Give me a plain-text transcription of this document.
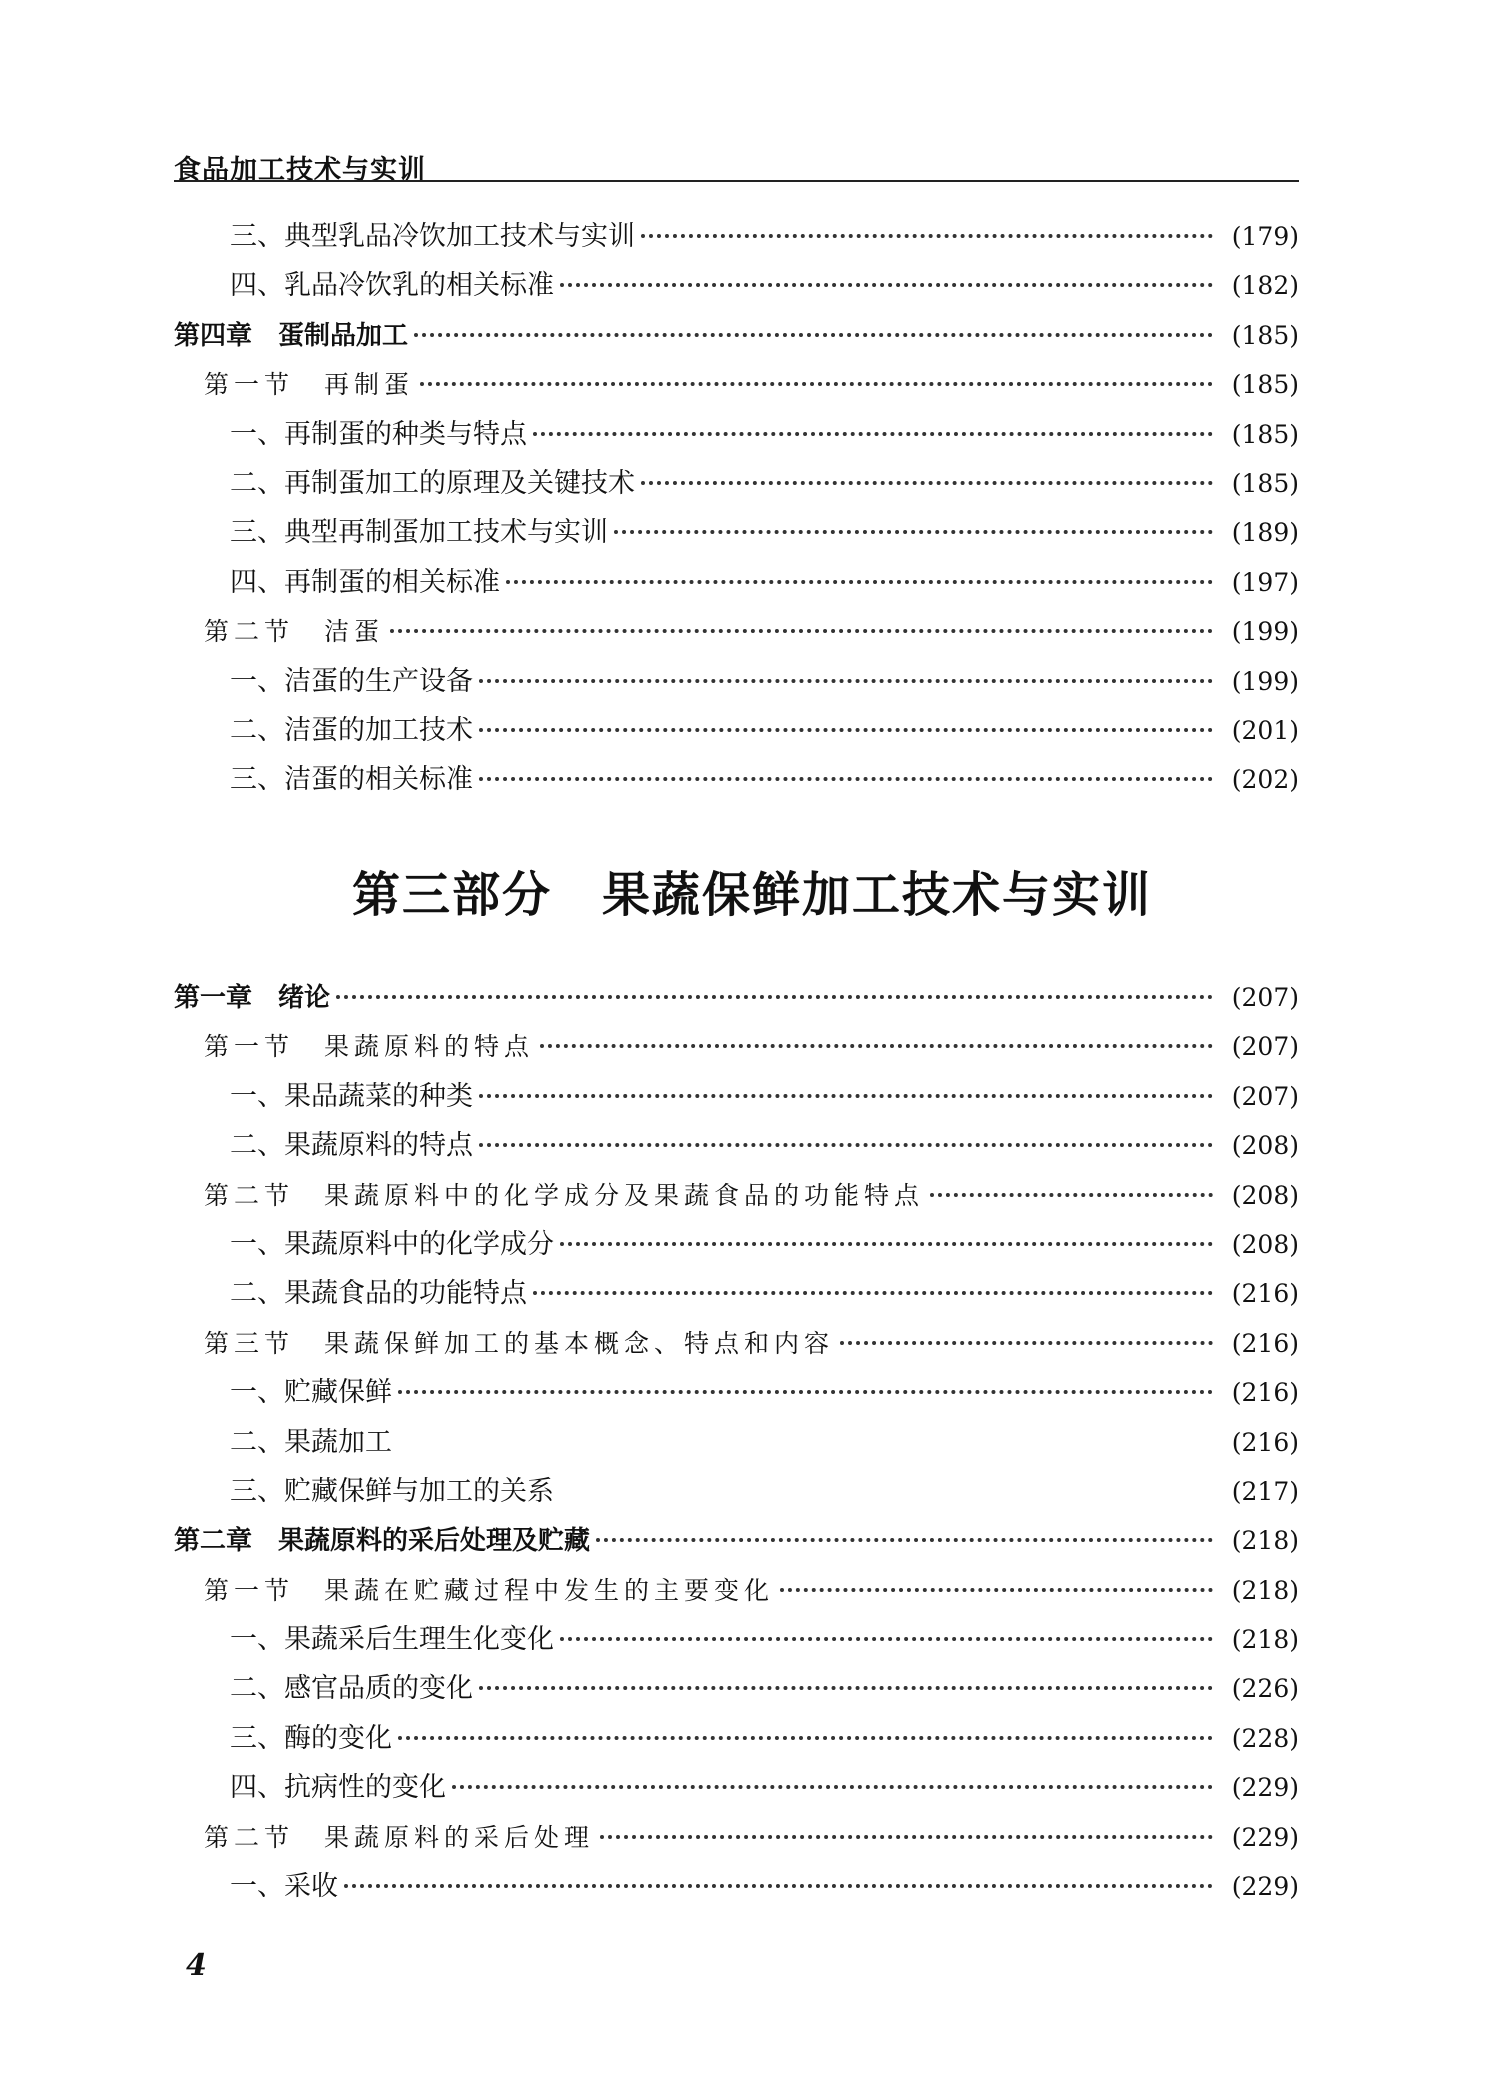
食品加工技术与实训
三、典型乳品冷饮加工技术与实训	(179)
四、乳品冷饮乳的相关标准	(182)
第四章　蛋制品加工	(185)
第一节　再制蛋	(185)
一、再制蛋的种类与特点	(185)
二、再制蛋加工的原理及关键技术	(185)
三、典型再制蛋加工技术与实训	(189)
四、再制蛋的相关标准	(197)
第二节　洁蛋	(199)
一、洁蛋的生产设备	(199)
二、洁蛋的加工技术	(201)
三、洁蛋的相关标准	(202)
第三部分　果蔬保鲜加工技术与实训
第一章　绪论	(207)
第一节　果蔬原料的特点	(207)
一、果品蔬菜的种类	(207)
二、果蔬原料的特点	(208)
第二节　果蔬原料中的化学成分及果蔬食品的功能特点	(208)
一、果蔬原料中的化学成分	(208)
二、果蔬食品的功能特点	(216)
第三节　果蔬保鲜加工的基本概念、特点和内容	(216)
一、贮藏保鲜	(216)
二、果蔬加工	(216)
三、贮藏保鲜与加工的关系	(217)
第二章　果蔬原料的采后处理及贮藏	(218)
第一节　果蔬在贮藏过程中发生的主要变化	(218)
一、果蔬采后生理生化变化	(218)
二、感官品质的变化	(226)
三、酶的变化	(228)
四、抗病性的变化	(229)
第二节　果蔬原料的采后处理	(229)
一、采收	(229)
4
